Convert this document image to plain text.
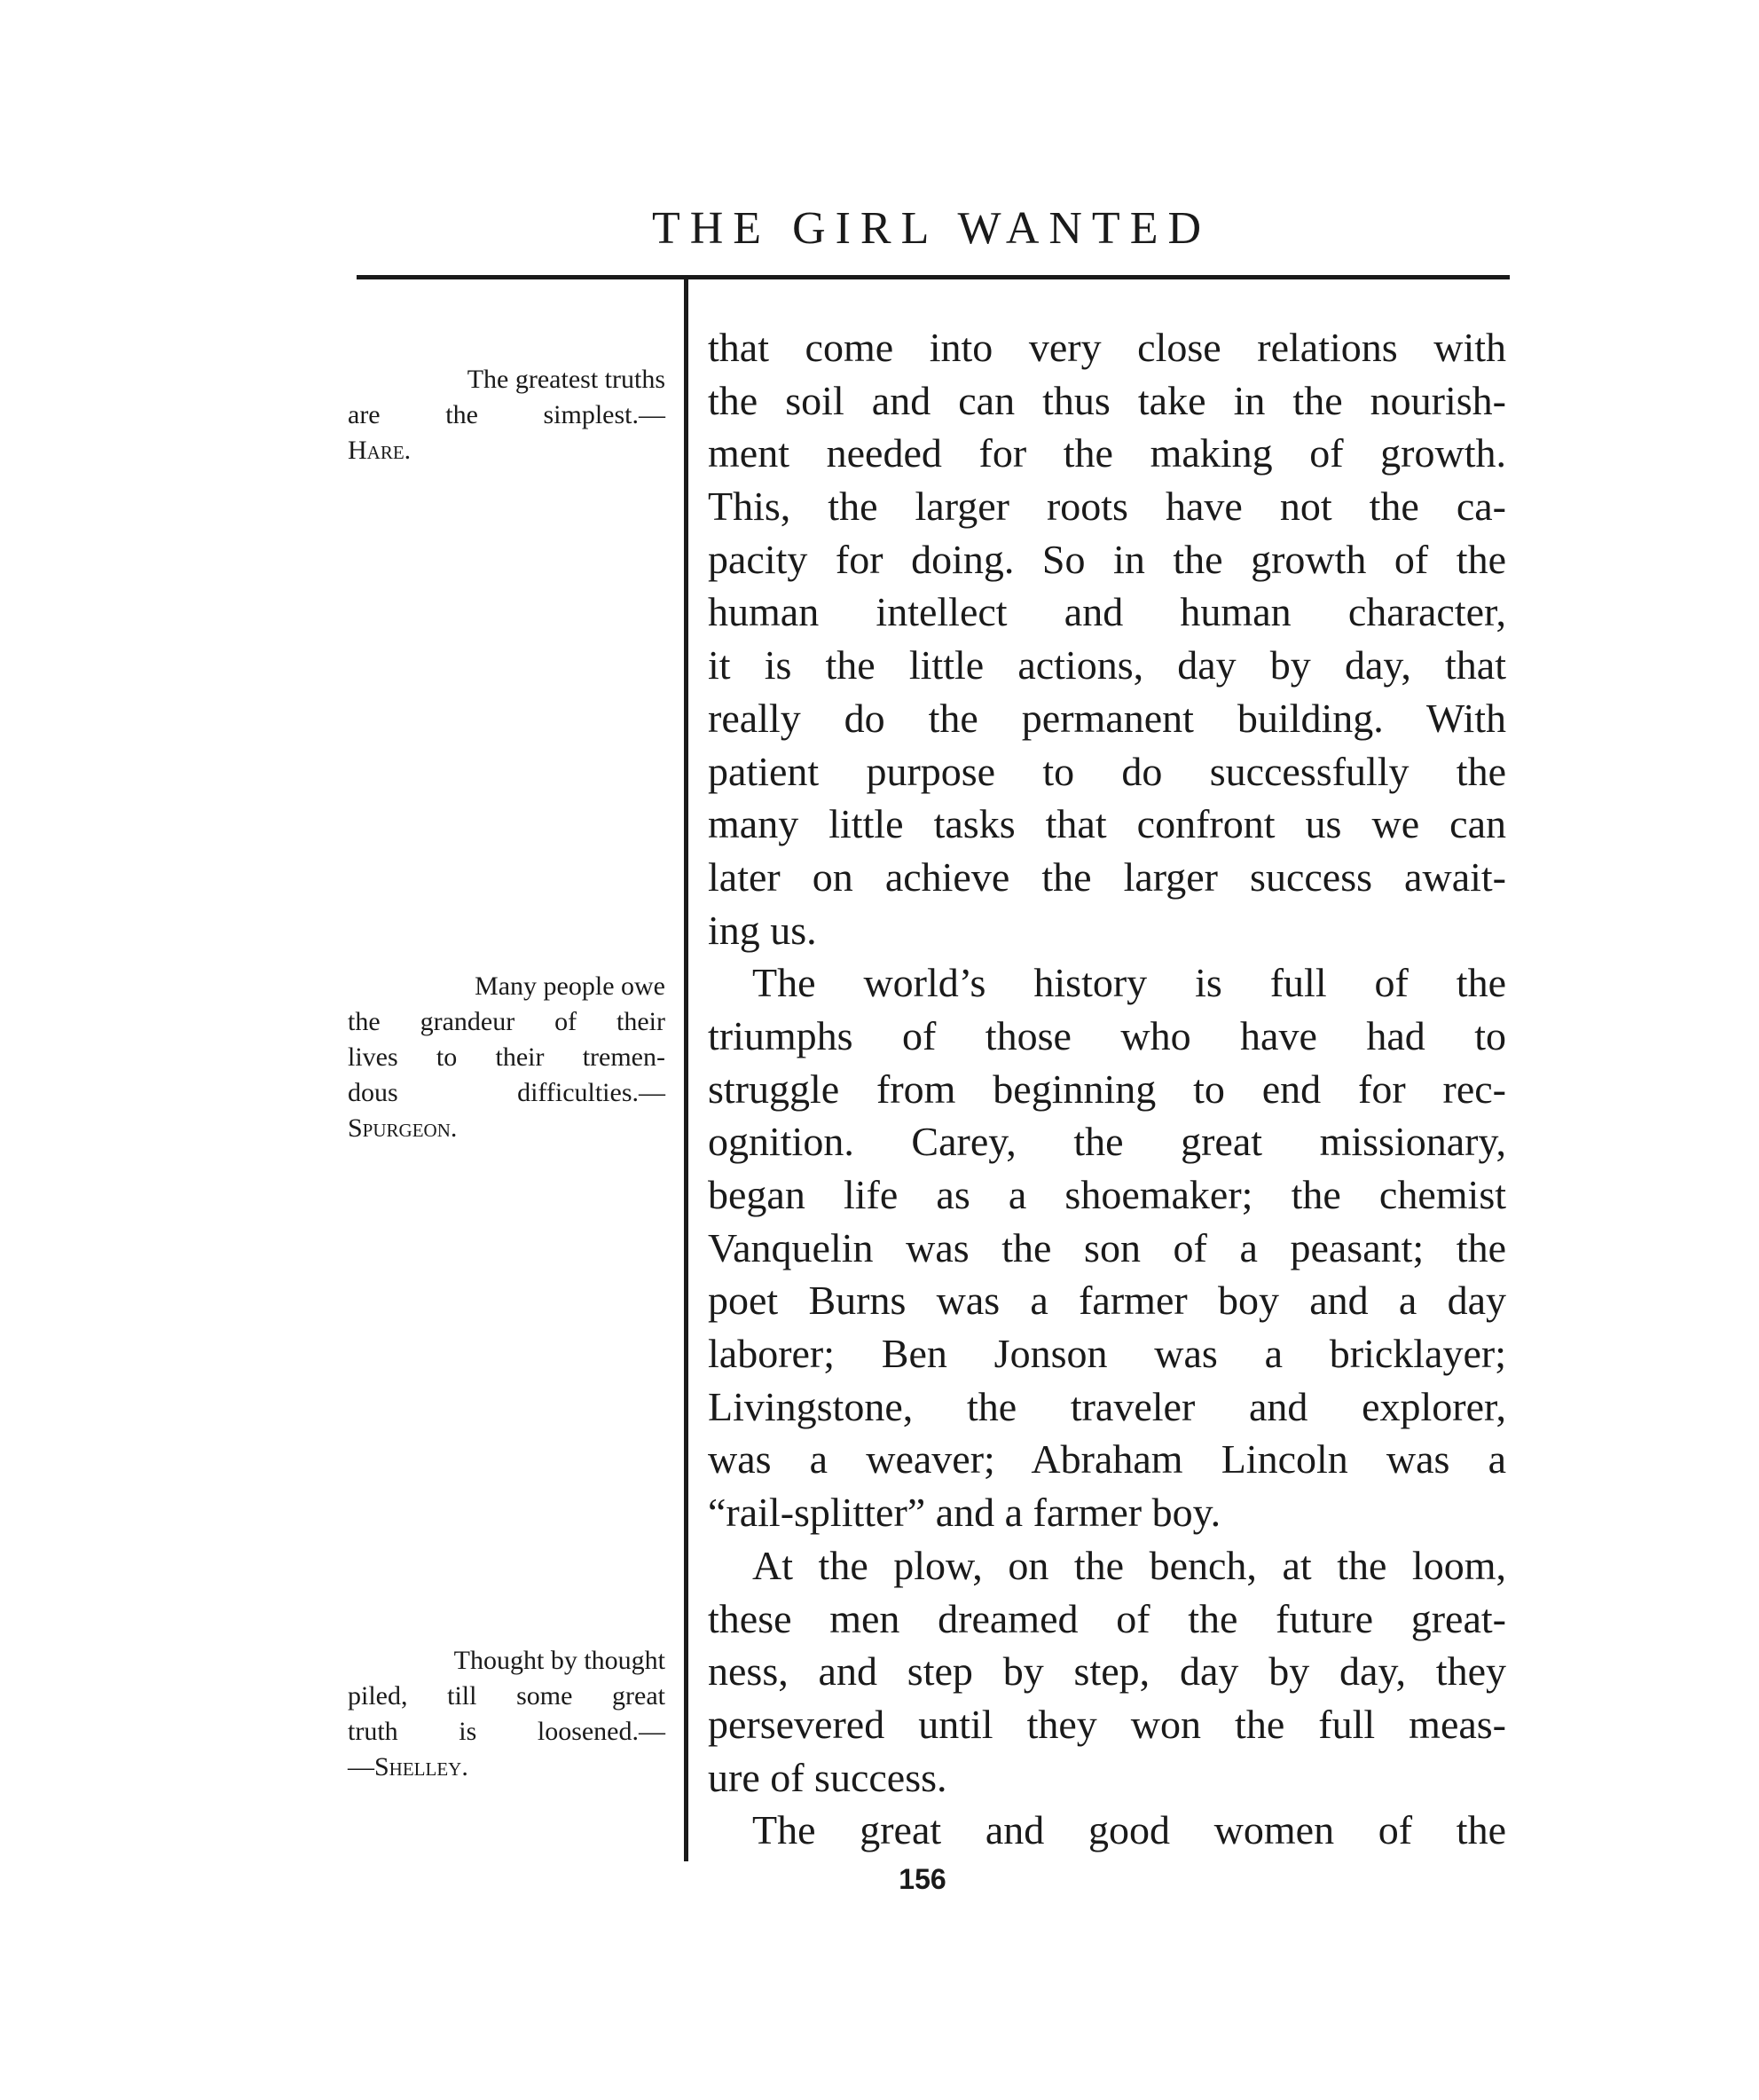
THE GIRL WANTED
The greatest truths
are the simplest.—
Hare.
Many people owe
the grandeur of their
lives to their tremen-
dous difficulties.—
Spurgeon.
Thought by thought
piled, till some great
truth is loosened.—
—Shelley.
that come into very close relations with
the soil and can thus take in the nourish-
ment needed for the making of growth.
This, the larger roots have not the ca-
pacity for doing. So in the growth of the
human intellect and human character,
it is the little actions, day by day, that
really do the permanent building. With
patient purpose to do successfully the
many little tasks that confront us we can
later on achieve the larger success await-
ing us.
The world’s history is full of the
triumphs of those who have had to
struggle from beginning to end for rec-
ognition. Carey, the great missionary,
began life as a shoemaker; the chemist
Vanquelin was the son of a peasant; the
poet Burns was a farmer boy and a day
laborer; Ben Jonson was a bricklayer;
Livingstone, the traveler and explorer,
was a weaver; Abraham Lincoln was a
“rail-splitter” and a farmer boy.
At the plow, on the bench, at the loom,
these men dreamed of the future great-
ness, and step by step, day by day, they
persevered until they won the full meas-
ure of success.
The great and good women of the
156
